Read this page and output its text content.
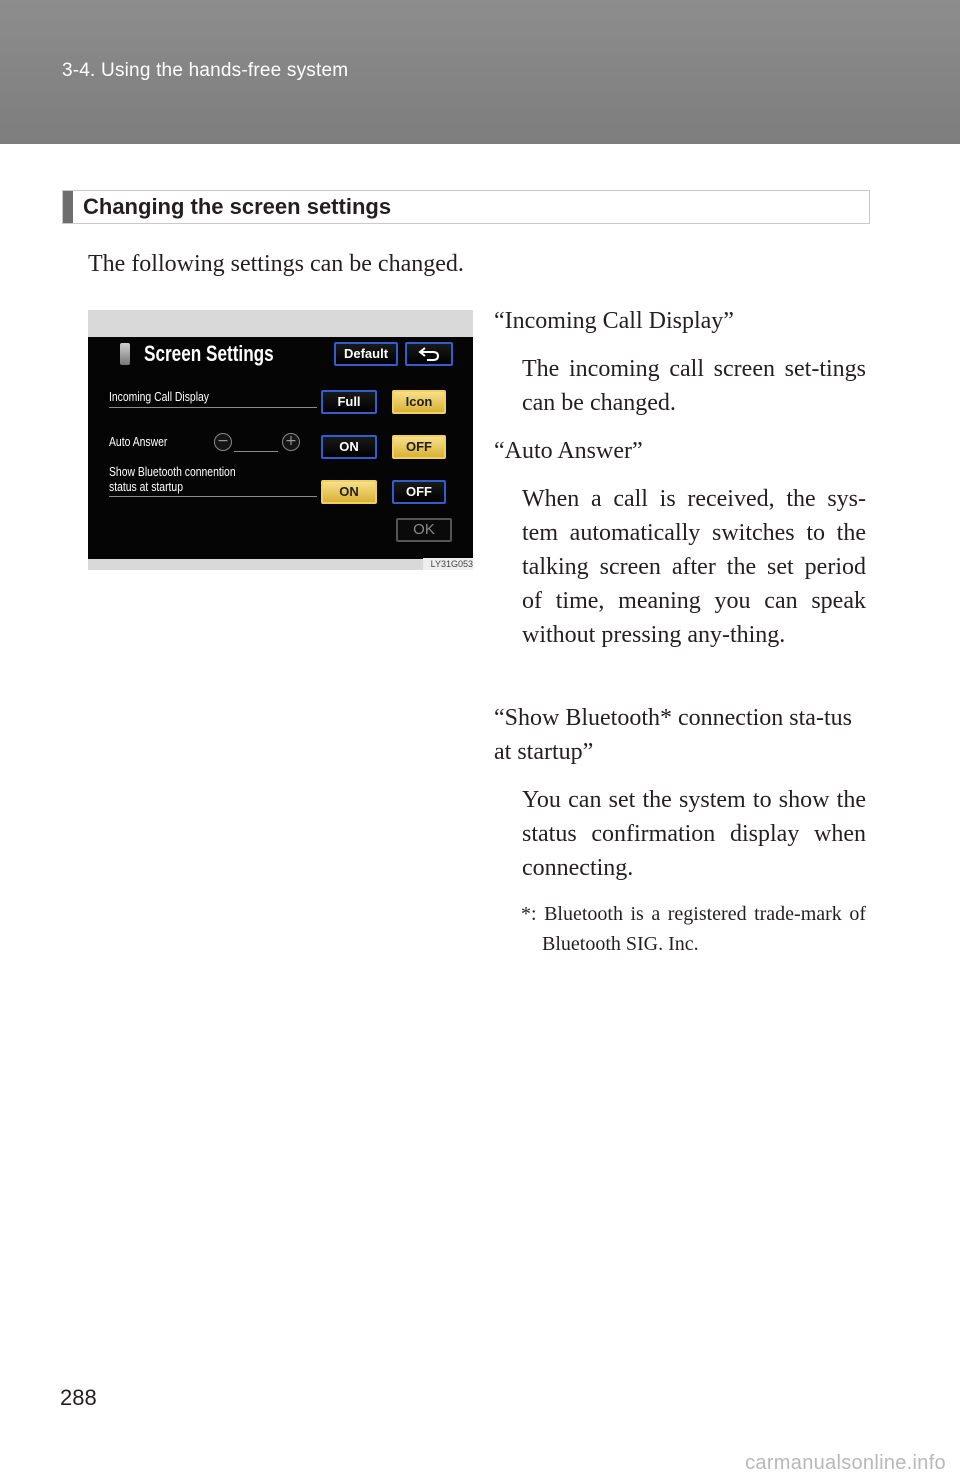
3-4. Using the hands-free system
Changing the screen settings
The following settings can be changed.
Screen Settings	Default
Incoming Call Display	Full	Icon
Auto Answer	−	+	ON	OFF
Show Bluetooth connention
status at startup	ON	OFF
OK
LY31G053

“Incoming Call Display”

The incoming call screen set-tings can be changed.

“Auto Answer”

When a call is received, the sys-tem automatically switches to the talking screen after the set period of time, meaning you can speak without pressing any-thing.

“Show Bluetooth* connection sta-tus at startup”

You can set the system to show the status confirmation display when connecting.

*: Bluetooth is a registered trade-mark of Bluetooth SIG. Inc.
288
carmanualsonline.info
